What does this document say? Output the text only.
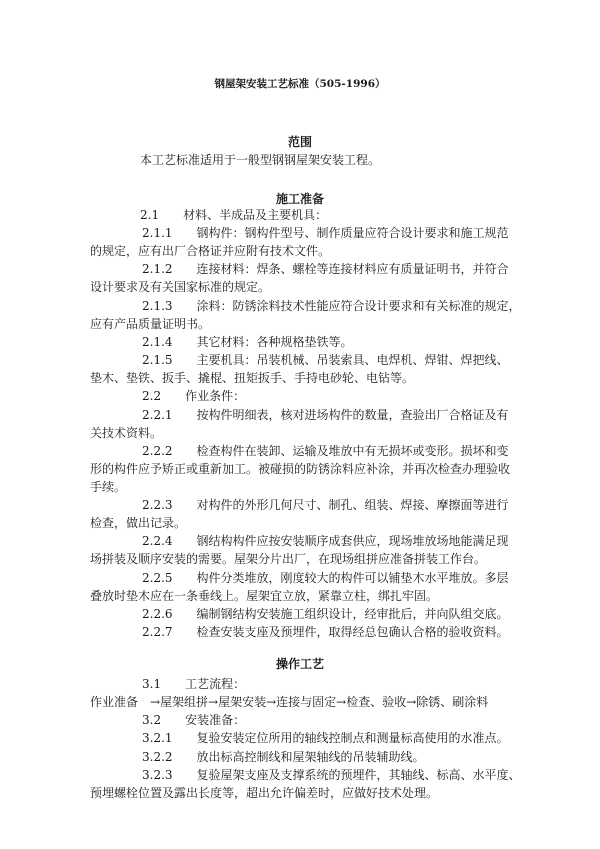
钢屋架安装工艺标准（505-1996）
范围
本工艺标准适用于一般型钢钢屋架安装工程。
施工准备
2.1　　材料、半成品及主要机具：
2.1.1　　钢构件：钢构件型号、制作质量应符合设计要求和施工规范
的规定，应有出厂合格证并应附有技术文件。
2.1.2　　连接材料：焊条、螺栓等连接材料应有质量证明书，并符合
设计要求及有关国家标准的规定。
2.1.3　　涂料：防锈涂料技术性能应符合设计要求和有关标准的规定，
应有产品质量证明书。
2.1.4　　其它材料：各种规格垫铁等。
2.1.5　　主要机具：吊装机械、吊装索具、电焊机、焊钳、焊把线、
垫木、垫铁、扳手、撬棍、扭矩扳手、手持电砂轮、电钻等。
2.2　　作业条件：
2.2.1　　按构件明细表，核对进场构件的数量，查验出厂合格证及有
关技术资料。
2.2.2　　检查构件在装卸、运输及堆放中有无损坏或变形。损坏和变
形的构件应予矫正或重新加工。被碰损的防锈涂料应补涂，并再次检查办理验收
手续。
2.2.3　　对构件的外形几何尺寸、制孔、组装、焊接、摩擦面等进行
检查，做出记录。
2.2.4　　钢结构构件应按安装顺序成套供应，现场堆放场地能满足现
场拼装及顺序安装的需要。屋架分片出厂，在现场组拼应准备拼装工作台。
2.2.5　　构件分类堆放，刚度较大的构件可以铺垫木水平堆放。多层
叠放时垫木应在一条垂线上。屋架宜立放，紧靠立柱，绑扎牢固。
2.2.6　　编制钢结构安装施工组织设计，经审批后，并向队组交底。
2.2.7　　检查安装支座及预埋件，取得经总包确认合格的验收资料。
操作工艺
3.1　　工艺流程：
作业准备　→屋架组拼→屋架安装→连接与固定→检查、验收→除锈、刷涂料
3.2　　安装准备：
3.2.1　　复验安装定位所用的轴线控制点和测量标高使用的水准点。
3.2.2　　放出标高控制线和屋架轴线的吊装辅助线。
3.2.3　　复验屋架支座及支撑系统的预埋件，其轴线、标高、水平度、
预埋螺栓位置及露出长度等，超出允许偏差时，应做好技术处理。
